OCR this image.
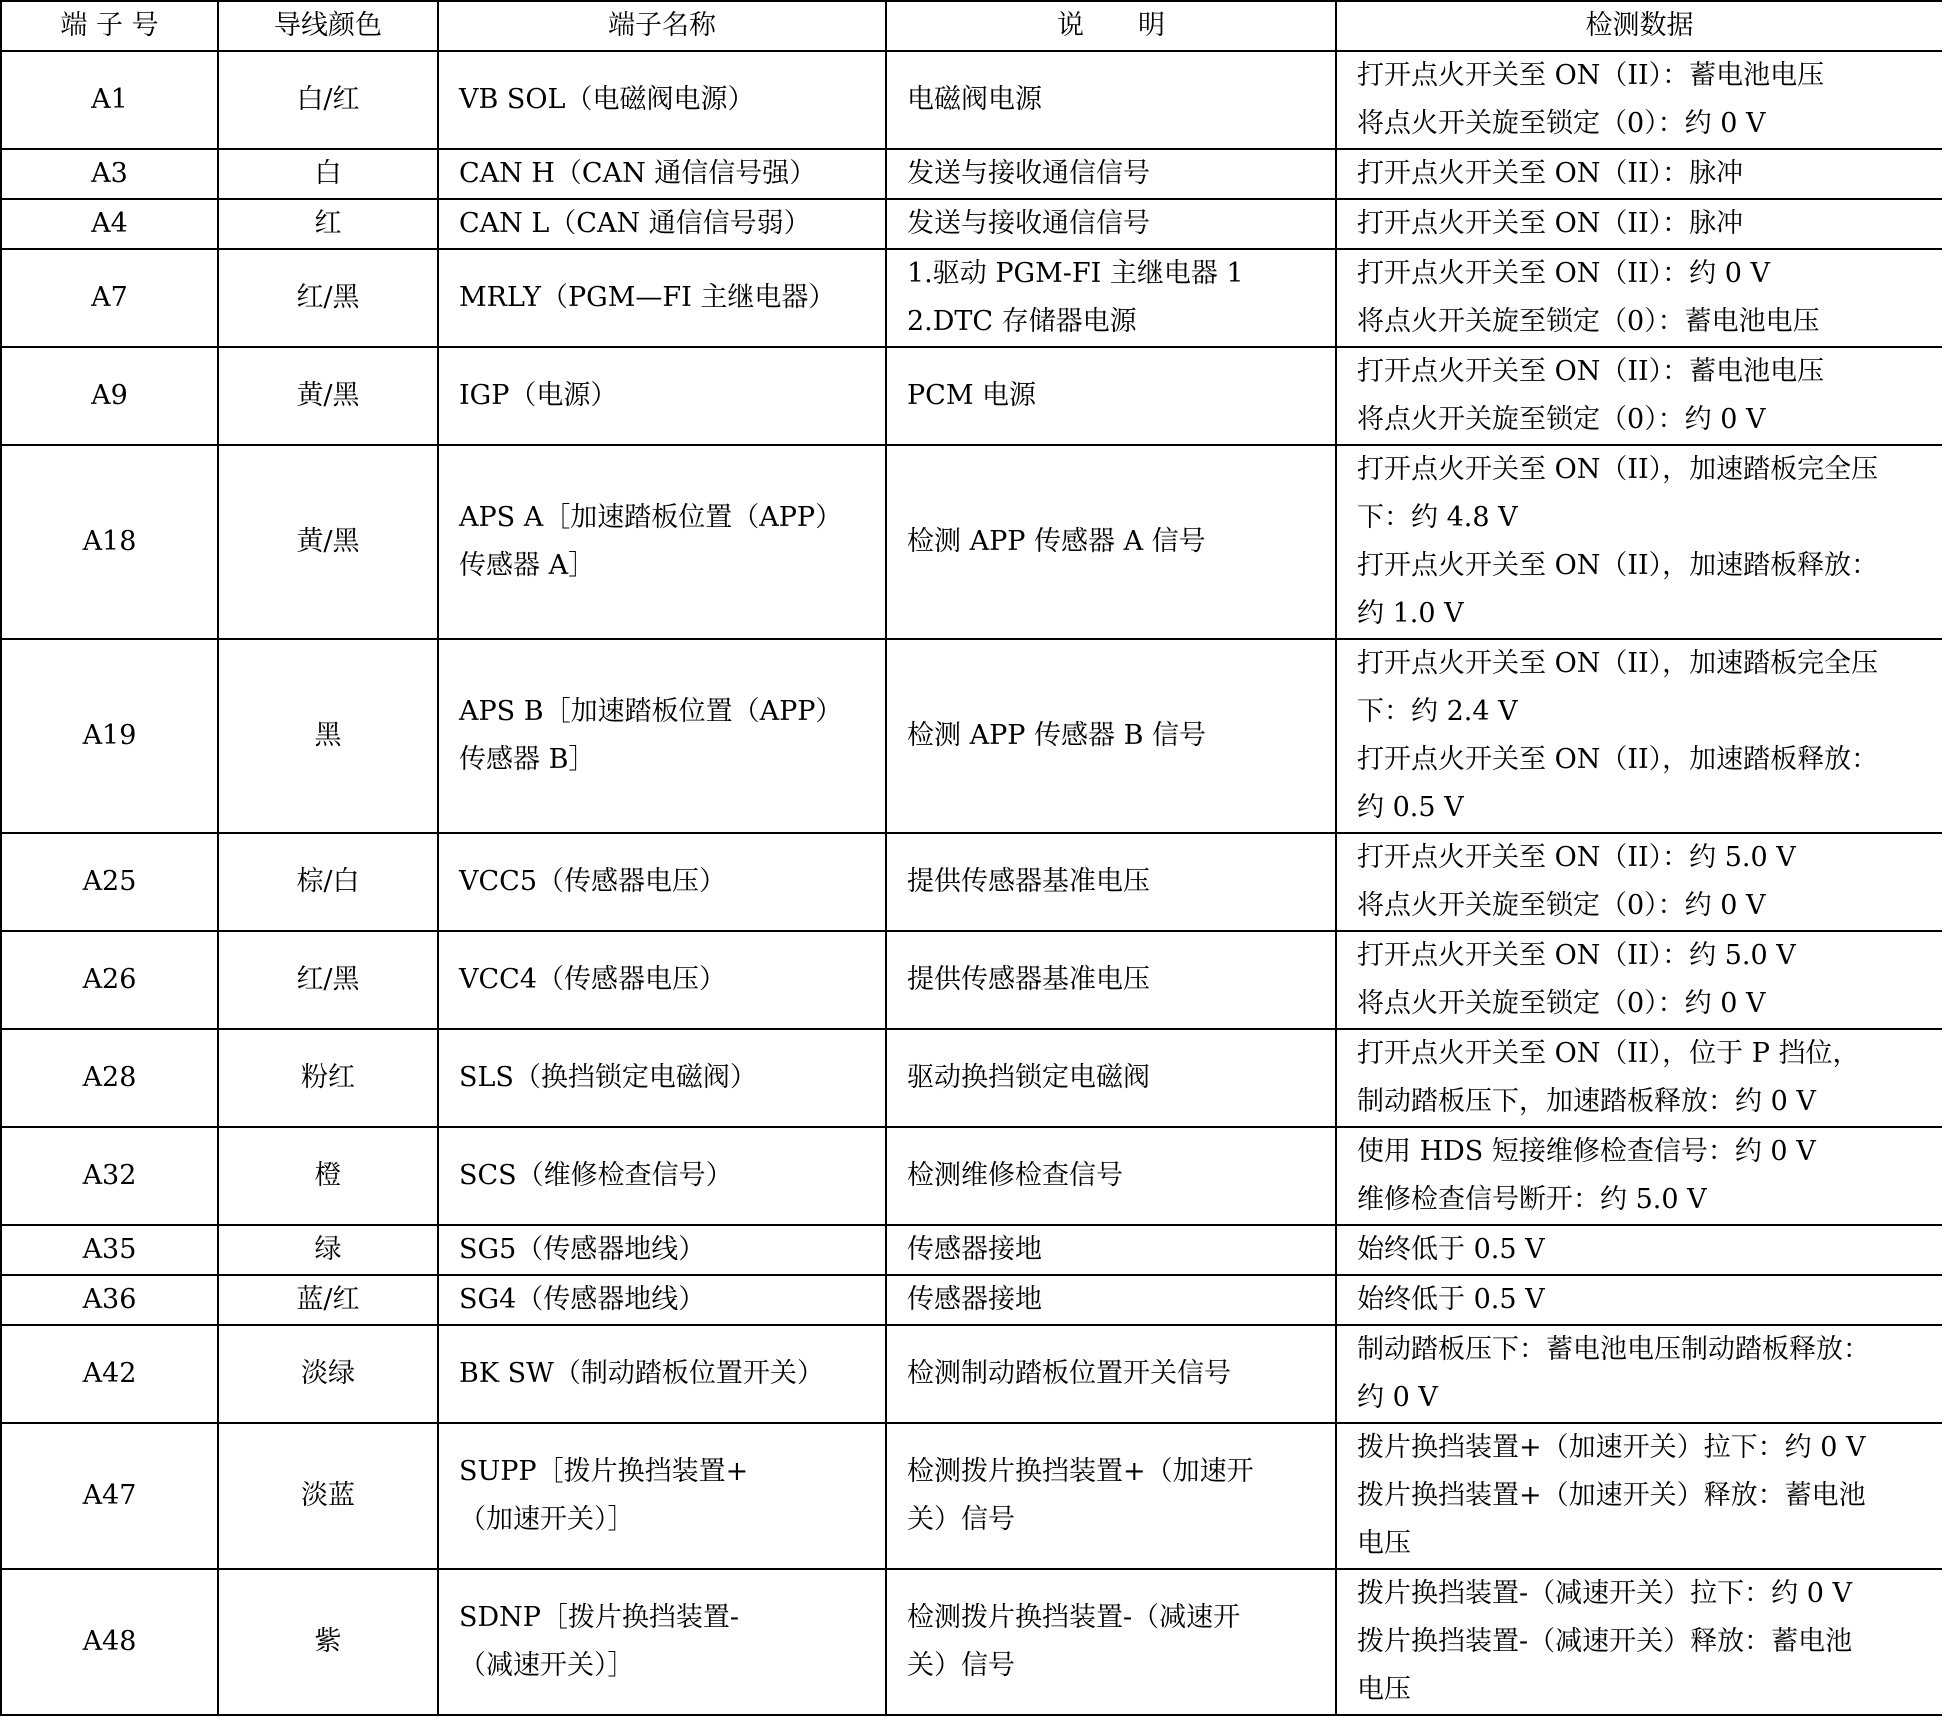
端 子 号	导线颜色	端子名称	说　　明	检测数据
A1	白/红	VB SOL（电磁阀电源）	电磁阀电源	打开点火开关至 ON（II）：蓄电池电压
将点火开关旋至锁定（0）：约 0 V

A3	白	CAN H（CAN 通信信号强）	发送与接收通信信号	打开点火开关至 ON（II）：脉冲

A4	红	CAN L（CAN 通信信号弱）	发送与接收通信信号	打开点火开关至 ON（II）：脉冲

A7	红/黑	MRLY（PGM—FI 主继电器）	1.驱动 PGM-FI 主继电器 1
2.DTC 存储器电源	打开点火开关至 ON（II）：约 0 V
将点火开关旋至锁定（0）：蓄电池电压

A9	黄/黑	IGP（电源）	PCM 电源	打开点火开关至 ON（II）：蓄电池电压
将点火开关旋至锁定（0）：约 0 V

A18	黄/黑	APS A［加速踏板位置（APP）
传感器 A］	检测 APP 传感器 A 信号	打开点火开关至 ON（II），加速踏板完全压
下：约 4.8 V
打开点火开关至 ON（II），加速踏板释放：
约 1.0 V

A19	黑	APS B［加速踏板位置（APP）
传感器 B］	检测 APP 传感器 B 信号	打开点火开关至 ON（II），加速踏板完全压
下：约 2.4 V
打开点火开关至 ON（II），加速踏板释放：
约 0.5 V

A25	棕/白	VCC5（传感器电压）	提供传感器基准电压	打开点火开关至 ON（II）：约 5.0 V
将点火开关旋至锁定（0）：约 0 V

A26	红/黑	VCC4（传感器电压）	提供传感器基准电压	打开点火开关至 ON（II）：约 5.0 V
将点火开关旋至锁定（0）：约 0 V

A28	粉红	SLS（换挡锁定电磁阀）	驱动换挡锁定电磁阀	打开点火开关至 ON（II），位于 P 挡位，
制动踏板压下，加速踏板释放：约 0 V

A32	橙	SCS（维修检查信号）	检测维修检查信号	使用 HDS 短接维修检查信号：约 0 V
维修检查信号断开：约 5.0 V

A35	绿	SG5（传感器地线）	传感器接地	始终低于 0.5 V

A36	蓝/红	SG4（传感器地线）	传感器接地	始终低于 0.5 V

A42	淡绿	BK SW（制动踏板位置开关）	检测制动踏板位置开关信号	制动踏板压下：蓄电池电压制动踏板释放：
约 0 V

A47	淡蓝	SUPP［拨片换挡装置+
（加速开关）］	检测拨片换挡装置+（加速开
关）信号	拨片换挡装置+（加速开关）拉下：约 0 V
拨片换挡装置+（加速开关）释放：蓄电池
电压

A48	紫	SDNP［拨片换挡装置-
（减速开关）］	检测拨片换挡装置-（减速开
关）信号	拨片换挡装置-（减速开关）拉下：约 0 V
拨片换挡装置-（减速开关）释放：蓄电池
电压
